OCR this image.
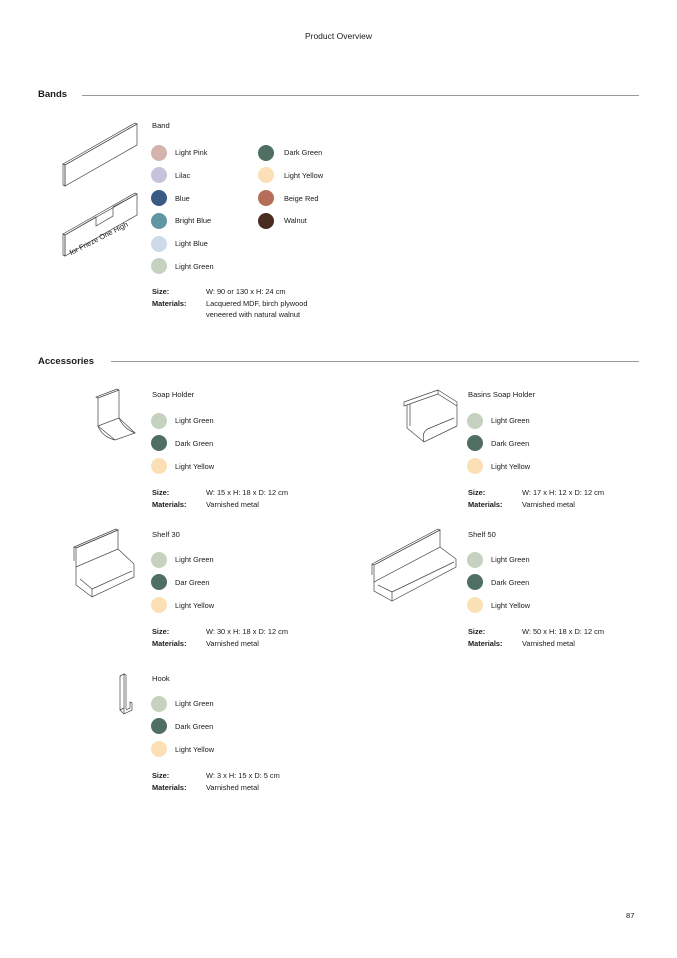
Product Overview
Bands
for Frieze One High
Band
Light Pink
Lilac
Blue
Bright Blue
Light Blue
Light Green
Dark Green
Light Yellow
Beige Red
Walnut
Size:	W: 90 or 130 x H: 24 cm
Materials:	Lacquered MDF, birch plywood
veneered with natural walnut
Accessories
Soap Holder
Light Green
Dark Green
Light Yellow
Size:	W: 15 x H: 18 x D: 12 cm
Materials:	Varnished metal
Basins Soap Holder
Light Green
Dark Green
Light Yellow
Size:	W: 17 x H: 12 x D: 12 cm
Materials:	Varnished metal
Shelf 30
Light Green
Dar Green
Light Yellow
Size:	W: 30 x H: 18 x D: 12 cm
Materials:	Varnished metal
Shelf 50
Light Green
Dark Green
Light Yellow
Size:	W: 50 x H: 18 x D: 12 cm
Materials:	Varnished metal
Hook
Light Green
Dark Green
Light Yellow
Size:	W: 3 x H: 15 x D: 5 cm
Materials:	Varnished metal
87
